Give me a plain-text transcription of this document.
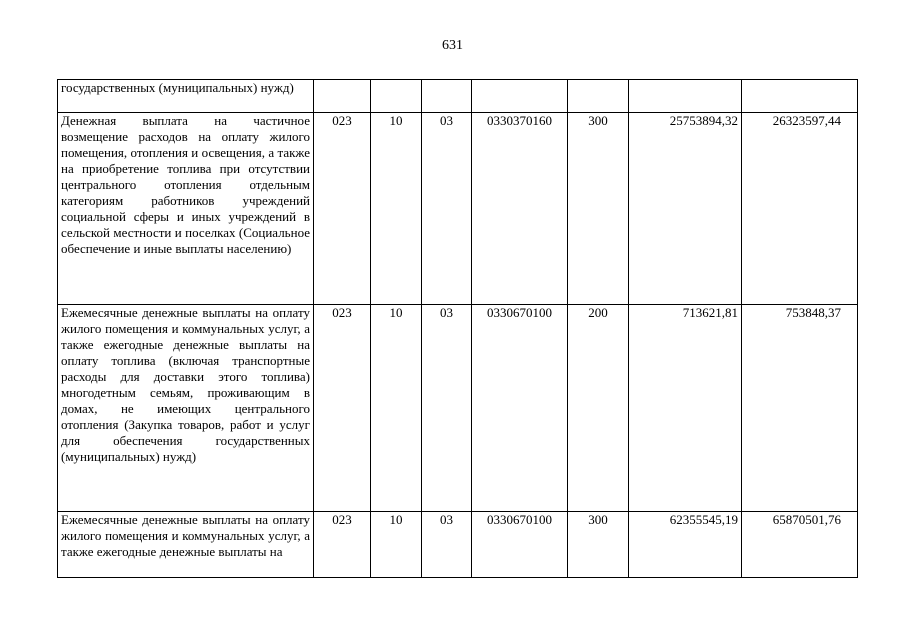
631
государственных (муниципальных) нужд)							
Денежная выплата на частичное возмещение расходов на оплату жилого помещения, отопления и освещения, а также на приобретение топлива при отсутствии центрального отопления отдельным категориям работников учреждений социальной сферы и иных учреждений в сельской местности и поселках (Социальное обеспечение и иные выплаты населению)	023	10	03	0330370160	300	25753894,32	26323597,44
Ежемесячные денежные выплаты на оплату жилого помещения и коммунальных услуг, а также ежегодные денежные выплаты на оплату топлива (включая транспортные расходы для доставки этого топлива) многодетным семьям, проживающим в домах, не имеющих центрального отопления (Закупка товаров, работ и услуг для обеспечения государственных (муниципальных) нужд)	023	10	03	0330670100	200	713621,81	753848,37
Ежемесячные денежные выплаты на оплату жилого помещения и коммунальных услуг, а также ежегодные денежные выплаты на	023	10	03	0330670100	300	62355545,19	65870501,76
